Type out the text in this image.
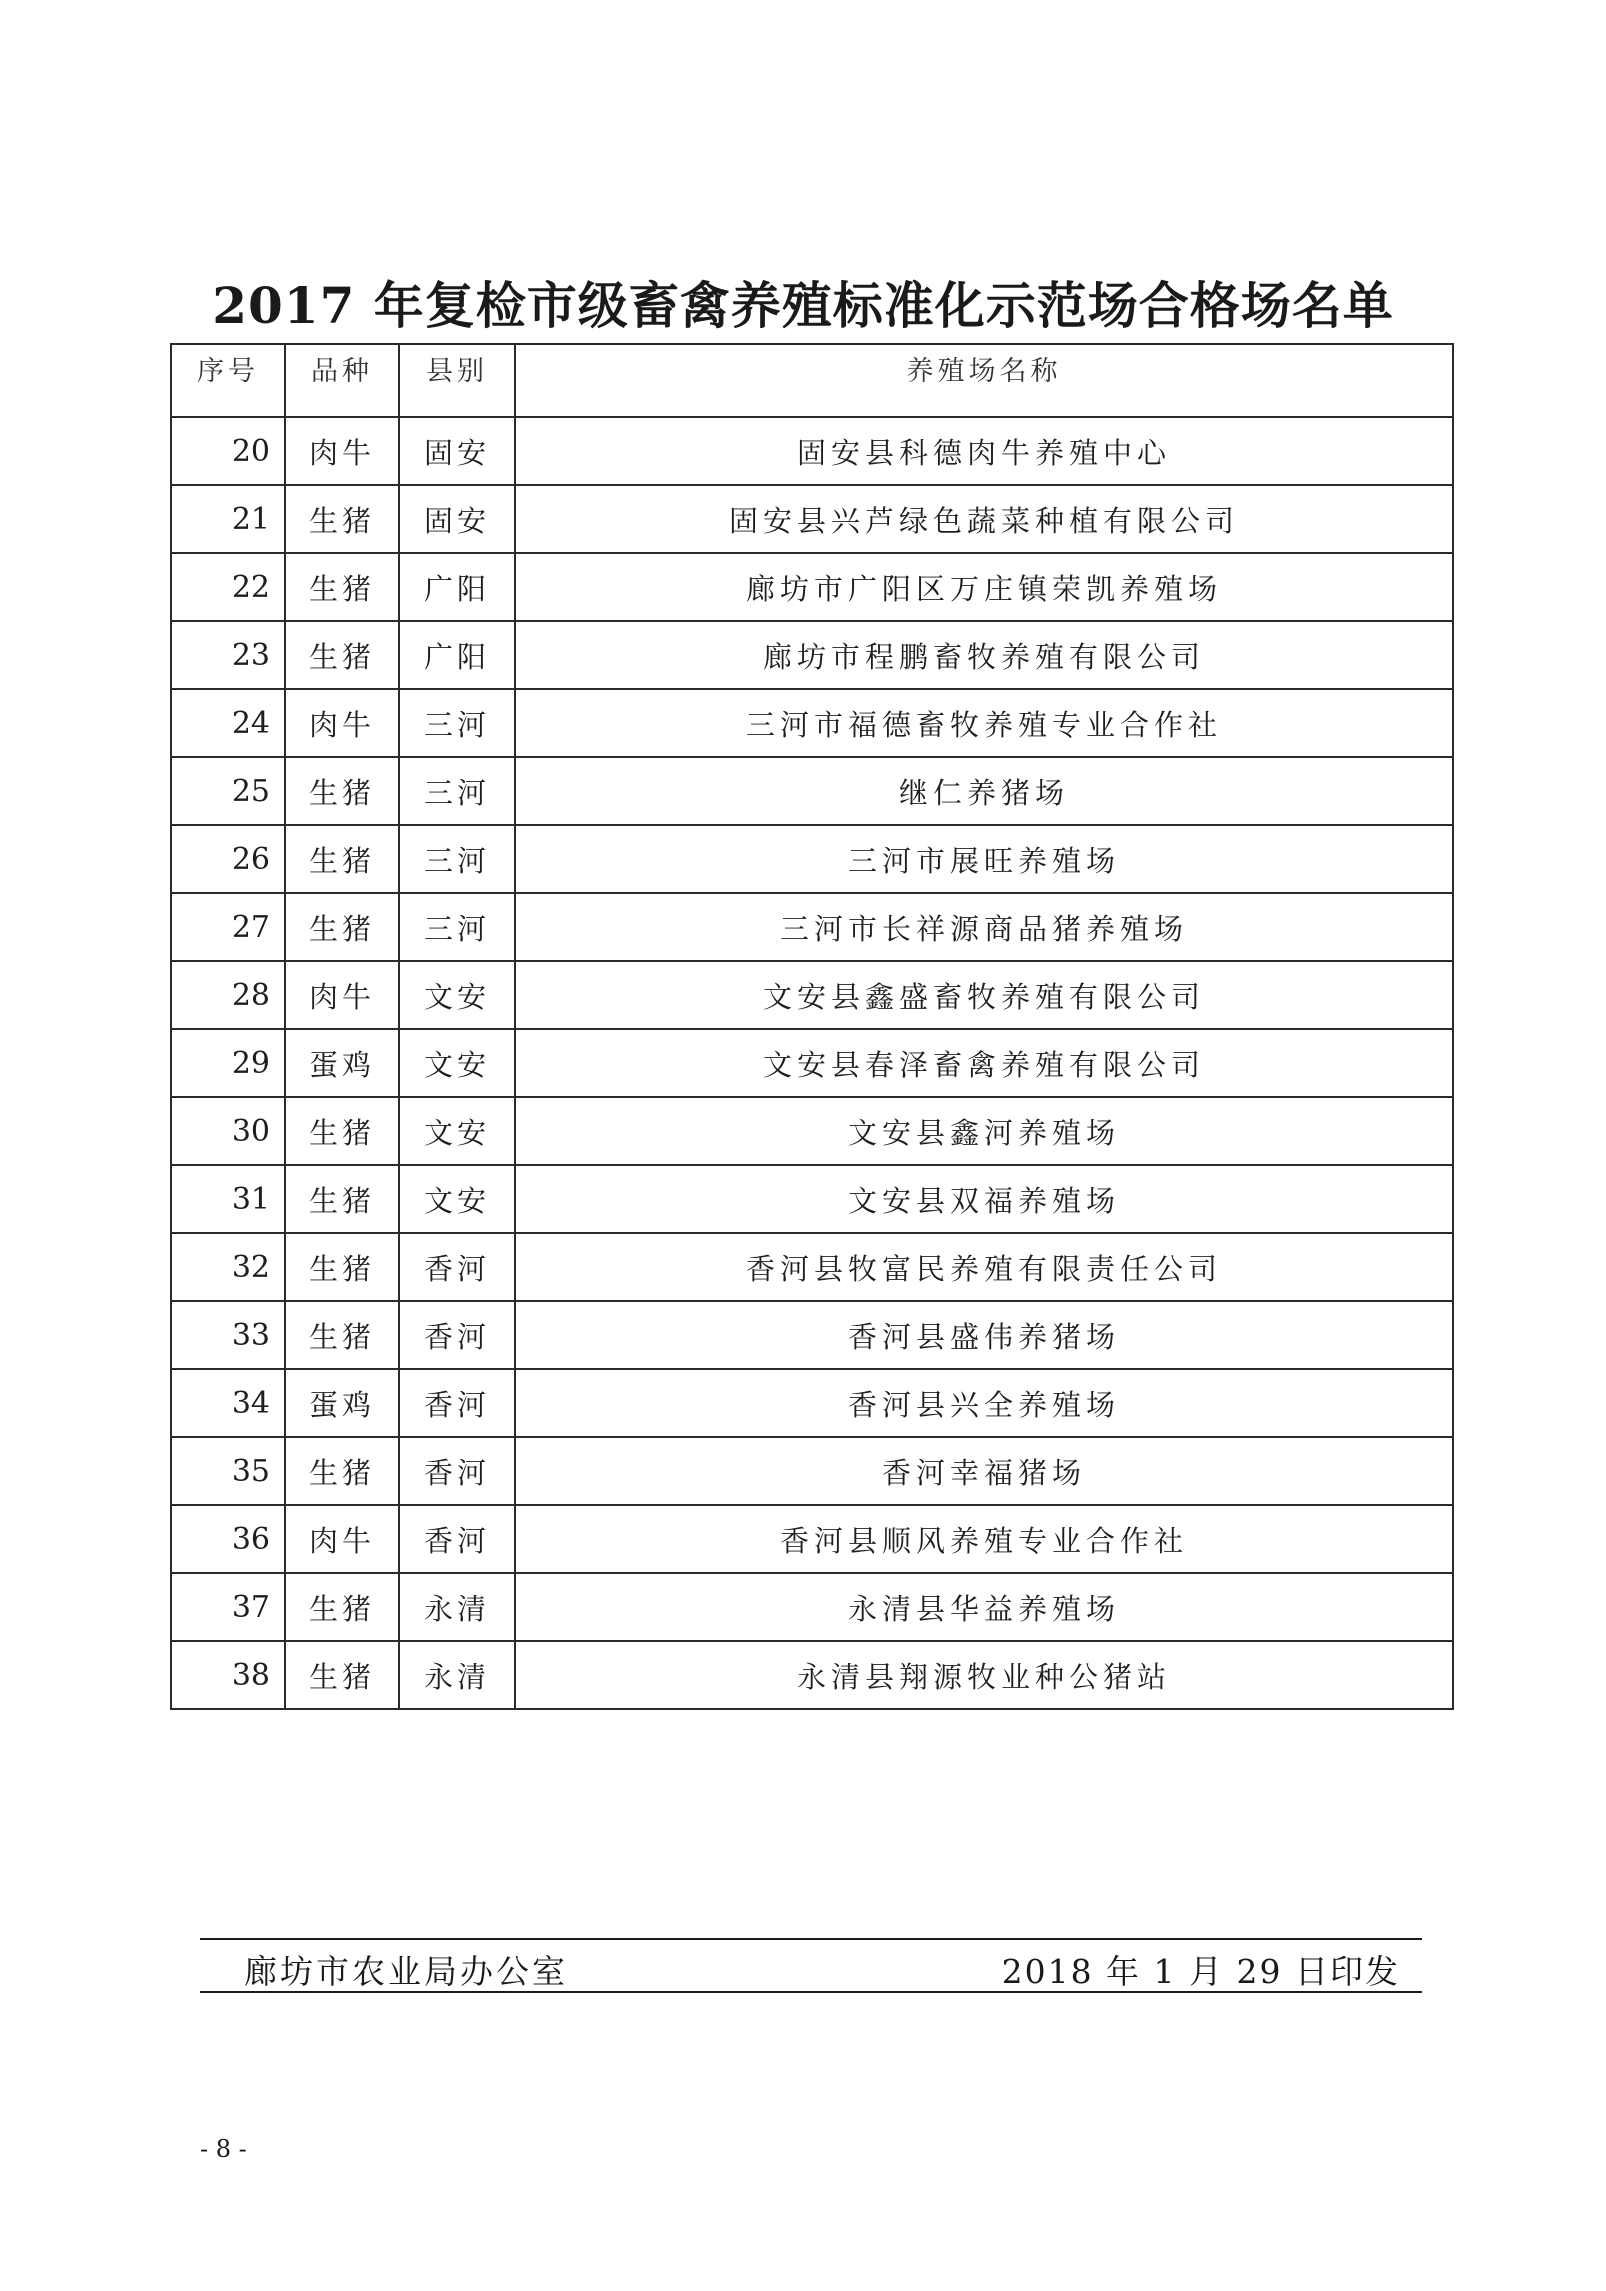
2017 年复检市级畜禽养殖标准化示范场合格场名单
序号	品种	县别	养殖场名称
20	肉牛	固安	固安县科德肉牛养殖中心
21	生猪	固安	固安县兴芦绿色蔬菜种植有限公司
22	生猪	广阳	廊坊市广阳区万庄镇荣凯养殖场
23	生猪	广阳	廊坊市程鹏畜牧养殖有限公司
24	肉牛	三河	三河市福德畜牧养殖专业合作社
25	生猪	三河	继仁养猪场
26	生猪	三河	三河市展旺养殖场
27	生猪	三河	三河市长祥源商品猪养殖场
28	肉牛	文安	文安县鑫盛畜牧养殖有限公司
29	蛋鸡	文安	文安县春泽畜禽养殖有限公司
30	生猪	文安	文安县鑫河养殖场
31	生猪	文安	文安县双福养殖场
32	生猪	香河	香河县牧富民养殖有限责任公司
33	生猪	香河	香河县盛伟养猪场
34	蛋鸡	香河	香河县兴全养殖场
35	生猪	香河	香河幸福猪场
36	肉牛	香河	香河县顺风养殖专业合作社
37	生猪	永清	永清县华益养殖场
38	生猪	永清	永清县翔源牧业种公猪站
廊坊市农业局办公室	2018 年 1 月 29 日印发
- 8 -
